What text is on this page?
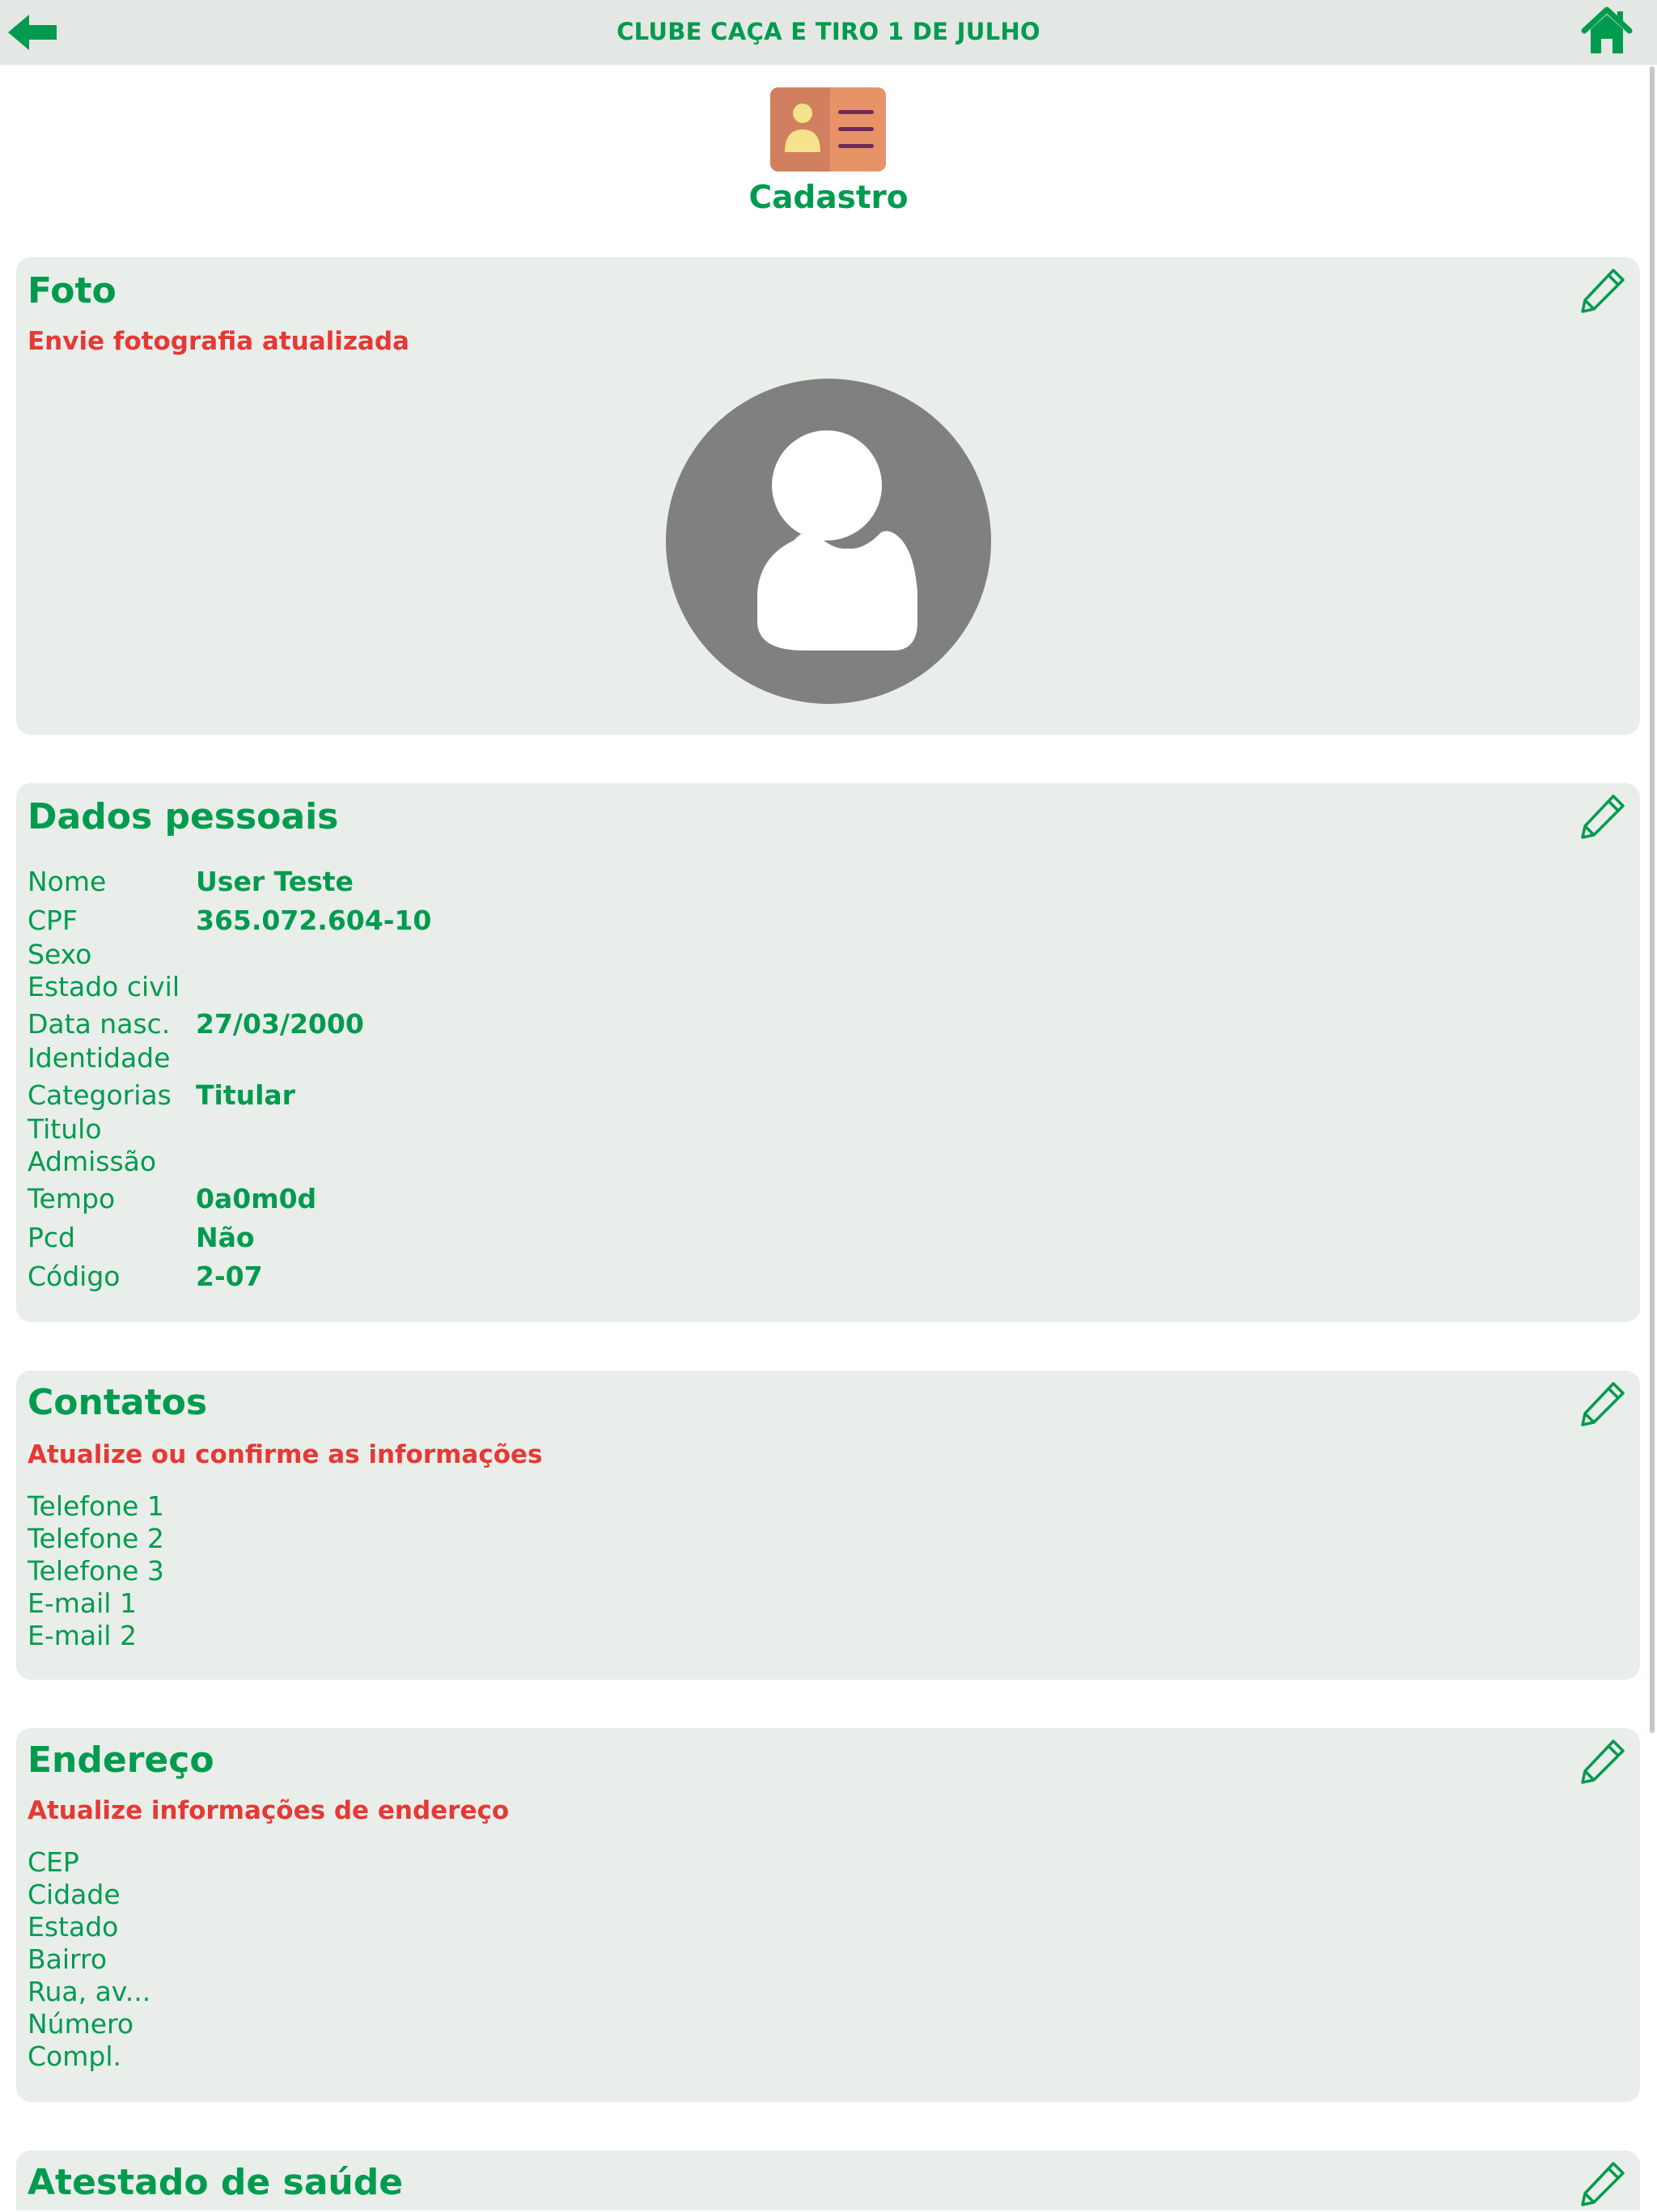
CLUBE CAÇA E TIRO 1 DE JULHO
Cadastro
Foto
Envie fotografia atualizada
Dados pessoais
Nome	User Teste
CPF	365.072.604-10
Sexo
Estado civil
Data nasc. 27/03/2000
Identidade
Categorias Titular
Titulo
Admissão
Tempo	0a0m0d
Pcd	Não
Código	2-07
Contatos
Atualize ou confirme as informações
Telefone 1
Telefone 2
Telefone 3
E-mail 1
E-mail 2
Endereço
Atualize informações de endereço
CEP
Cidade
Estado
Bairro
Rua, av...
Número
Compl.
Atestado de saúde
